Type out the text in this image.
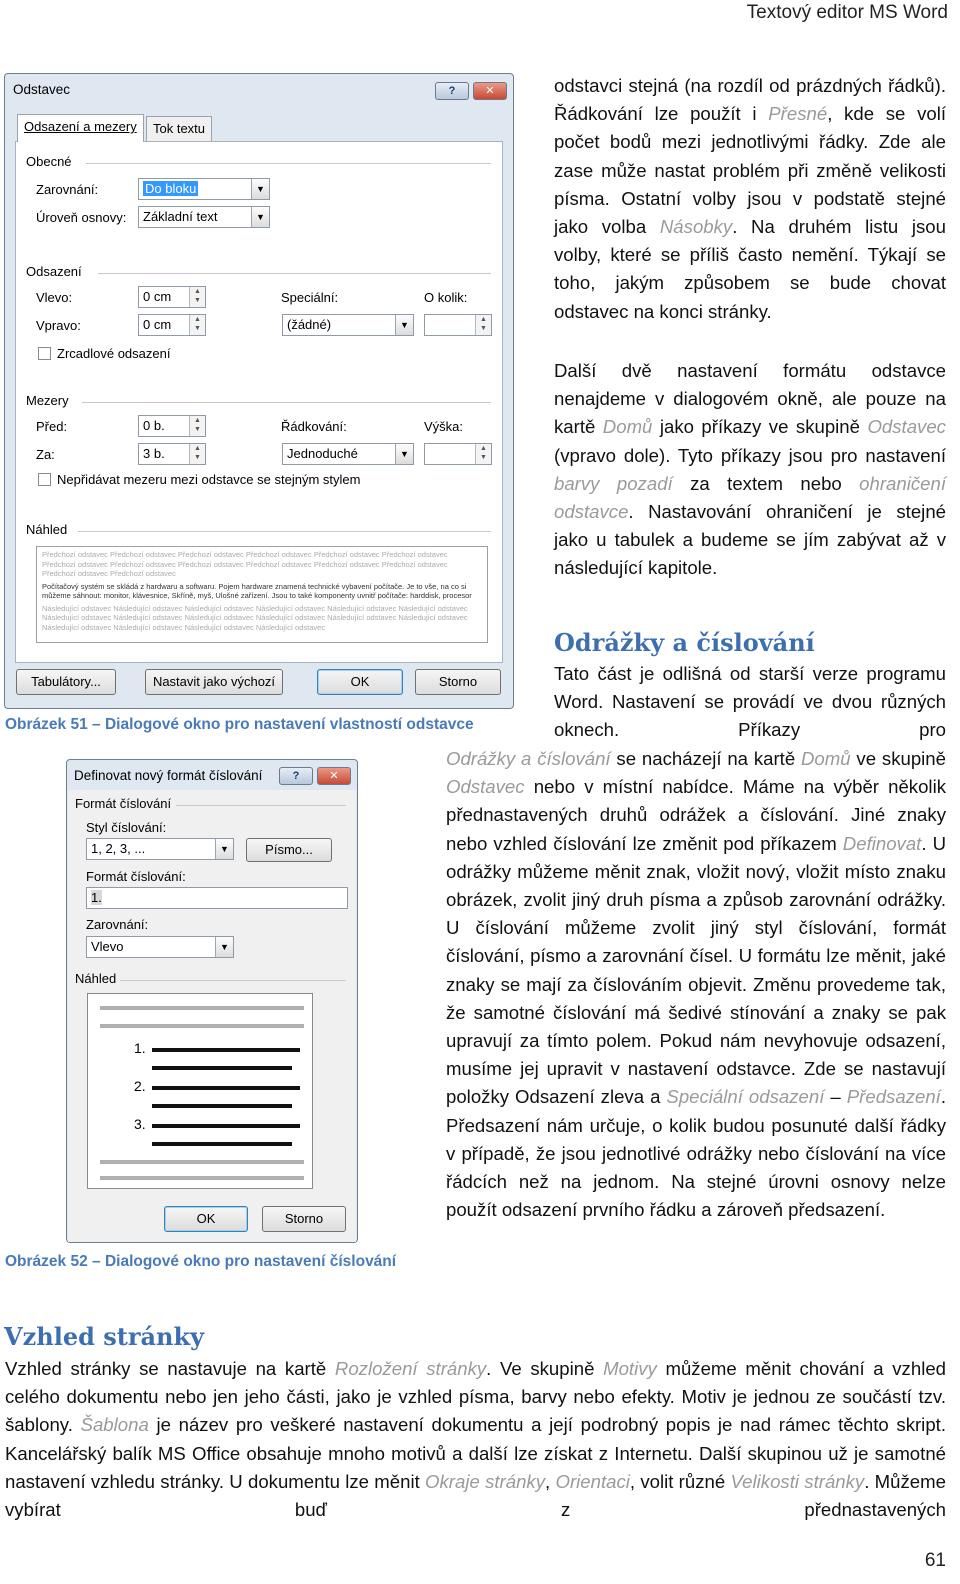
Textový editor MS Word
Odstavec	?	✕
Odsazení a mezery	Tok textu
Obecné
Zarovnání:	Do bloku	▼
Úroveň osnovy:	Základní text	▼
Odsazení
Vlevo:	0 cm	▲
▼
Vpravo:	0 cm	▲
▼
Speciální:
(žádné)	▼
O kolik:
▲
▼
Zrcadlové odsazení
Mezery
Před:	0 b.	▲
▼
Za:	3 b.	▲
▼
Řádkování:
Jednoduché	▼
Výška:
▲
▼
Nepřidávat mezeru mezi odstavce se stejným stylem
Náhled
Předchozí odstavec Předchozí odstavec Předchozí odstavec Předchozí odstavec Předchozí odstavec Předchozí odstavec Předchozí odstavec Předchozí odstavec Předchozí odstavec Předchozí odstavec Předchozí odstavec Předchozí odstavec Předchozí odstavec Předchozí odstavec
Počítačový systém se skládá z hardwaru a softwaru. Pojem hardware znamená technické vybavení počítače. Je to vše, na co si můžeme sáhnout: monitor, klávesnice, Skříně, myš, Ulošné zařízení. Jsou to také komponenty uvnitř počítače: harddisk, procesor
Následující odstavec Následující odstavec Následující odstavec Následující odstavec Následující odstavec Následující odstavec Následující odstavec Následující odstavec Následující odstavec Následující odstavec Následující odstavec Následující odstavec Následující odstavec Následující odstavec Následující odstavec Následující odstavec
Tabulátory...	Nastavit jako výchozí	OK	Storno
Obrázek 51 – Dialogové okno pro nastavení vlastností odstavce
Definovat nový formát číslování	?	✕
Formát číslování
Styl číslování:
1, 2, 3, ...	▼	Písmo...
Formát číslování:
1.
Zarovnání:
Vlevo	▼
Náhled
1.
2.
3.
OK	Storno
Obrázek 52 – Dialogové okno pro nastavení číslování
odstavci stejná (na rozdíl od prázdných řádků). Řádkování lze použít i Přesné, kde se volí počet bodů mezi jednotlivými řádky. Zde ale zase může nastat problém při změně velikosti písma. Ostatní volby jsou v podstatě stejné jako volba Násobky. Na druhém listu jsou volby, které se příliš často nemění. Týkají se toho, jakým způsobem se bude chovat odstavec na konci stránky.
Další dvě nastavení formátu odstavce nenajdeme v dialogovém okně, ale pouze na kartě Domů jako příkazy ve skupině Odstavec (vpravo dole). Tyto příkazy jsou pro nastavení barvy pozadí za textem nebo ohraničení odstavce. Nastavování ohraničení je stejné jako u tabulek a budeme se jím zabývat až v následující kapitole.
Odrážky a číslování
Tato část je odlišná od starší verze programu Word. Nastavení se provádí ve dvou různých oknech. Příkazy pro
Odrážky a číslování se nacházejí na kartě Domů ve skupině Odstavec nebo v místní nabídce. Máme na výběr několik přednastavených druhů odrážek a číslování. Jiné znaky nebo vzhled číslování lze změnit pod příkazem Definovat. U odrážky můžeme měnit znak, vložit nový, vložit místo znaku obrázek, zvolit jiný druh písma a způsob zarovnání odrážky. U číslování můžeme zvolit jiný styl číslování, formát číslování, písmo a zarovnání čísel. U formátu lze měnit, jaké znaky se mají za číslováním objevit. Změnu provedeme tak, že samotné číslování má šedivé stínování a znaky se pak upravují za tímto polem. Pokud nám nevyhovuje odsazení, musíme jej upravit v nastavení odstavce. Zde se nastavují položky Odsazení zleva a Speciální odsazení – Předsazení. Předsazení nám určuje, o kolik budou posunuté další řádky v případě, že jsou jednotlivé odrážky nebo číslování na více řádcích než na jednom. Na stejné úrovni osnovy nelze použít odsazení prvního řádku a zároveň předsazení.
Vzhled stránky
Vzhled stránky se nastavuje na kartě Rozložení stránky. Ve skupině Motivy můžeme měnit chování a vzhled celého dokumentu nebo jen jeho části, jako je vzhled písma, barvy nebo efekty. Motiv je jednou ze součástí tzv. šablony. Šablona je název pro veškeré nastavení dokumentu a její podrobný popis je nad rámec těchto skript. Kancelářský balík MS Office obsahuje mnoho motivů a další lze získat z Internetu. Další skupinou už je samotné nastavení vzhledu stránky. U dokumentu lze měnit Okraje stránky, Orientaci, volit různé Velikosti stránky. Můžeme vybírat buď z přednastavených
61
